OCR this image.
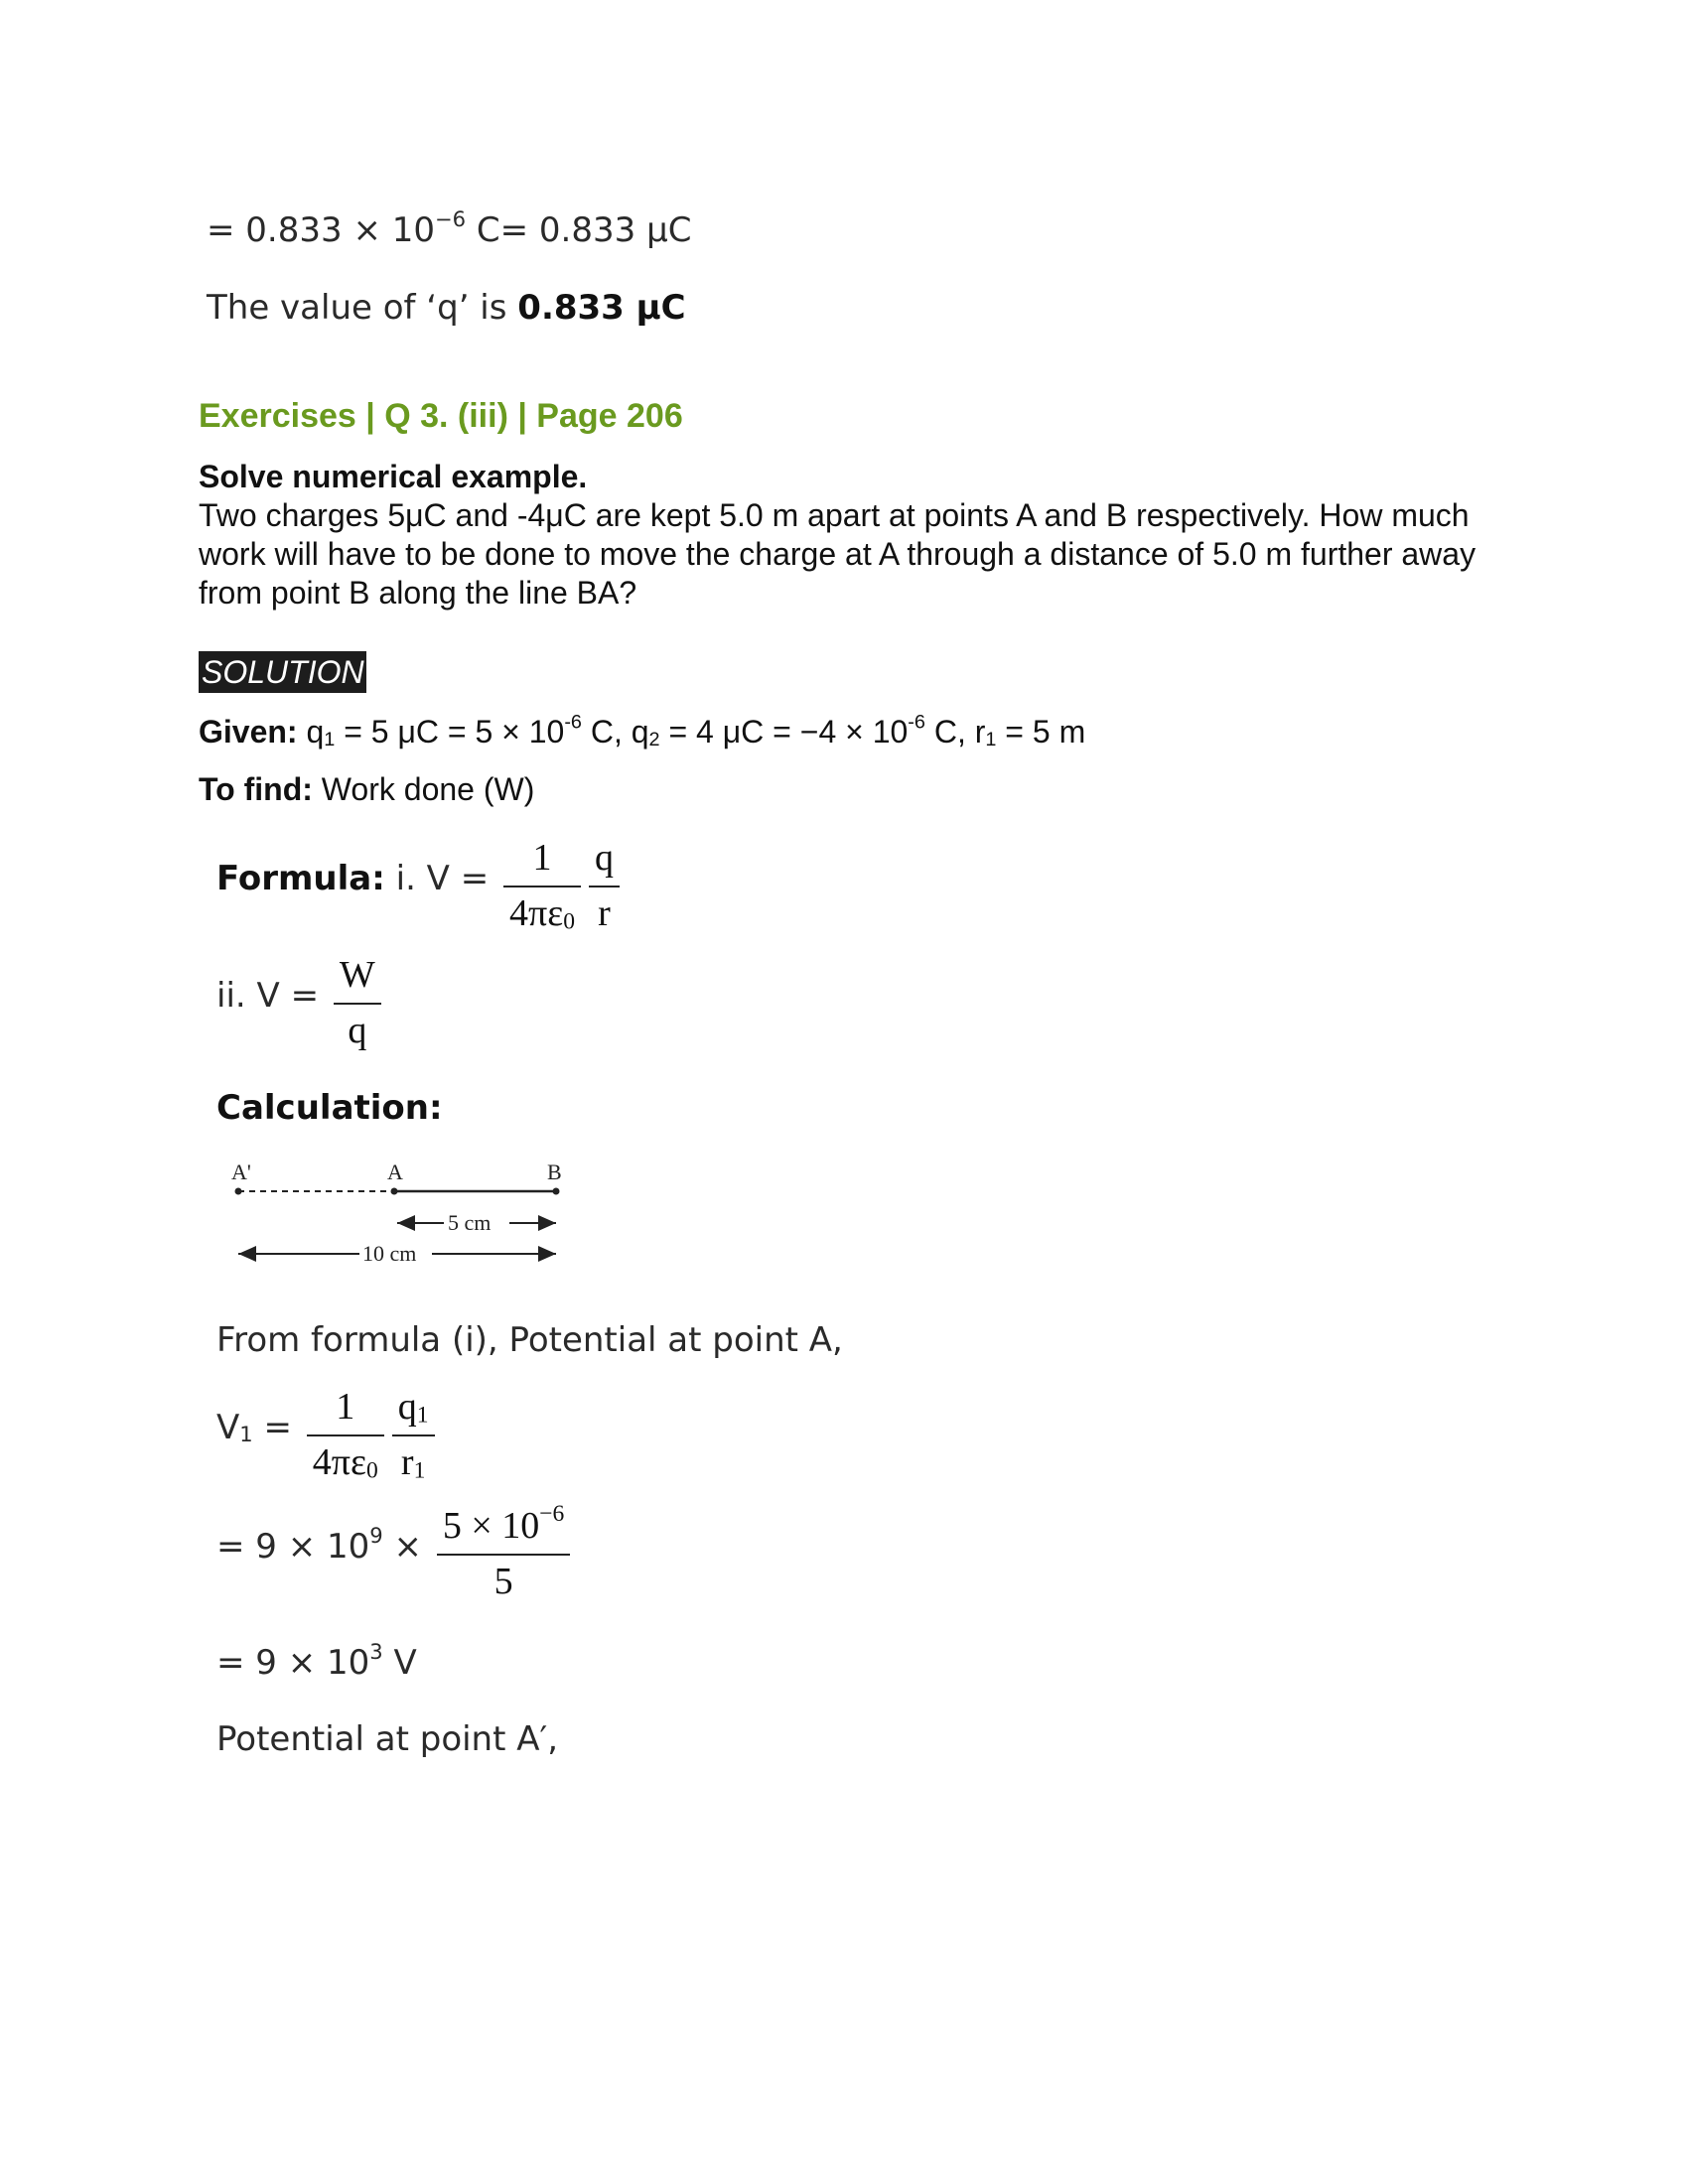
= $0.833 \times 10^{-6}$ C= 0.833 μC
The value of ‘q’ is 0.833 μC
Exercises | Q 3. (iii) | Page 206
Solve numerical example.
Two charges 5μC and -4μC are kept 5.0 m apart at points A and B respectively. How much work will have to be done to move the charge at A through a distance of 5.0 m further away from point B along the line BA?
SOLUTION
Given: $q_1 = 5$ $\mu C = 5 \times 10^{-6}$ C, $q_2 = 4$ $\mu C = -4 \times 10^{-6}$ C, $r_1 = 5$ m
To find: Work done (W)
Formula: i. $V = \frac{1}{4\pi\varepsilon_0} \frac{q}{r}$
ii. $V = \frac{W}{q}$
Calculation:
A'	A	B
5 cm
10 cm
From formula (i), Potential at point A,
$V_1 = \frac{1}{4\pi\varepsilon_0} \frac{q_1}{r_1}$
= $9 \times 10^9 \times \frac{5 \times 10^{-6}}{5}$
= $9 \times 10^3$ V
Potential at point A′,
